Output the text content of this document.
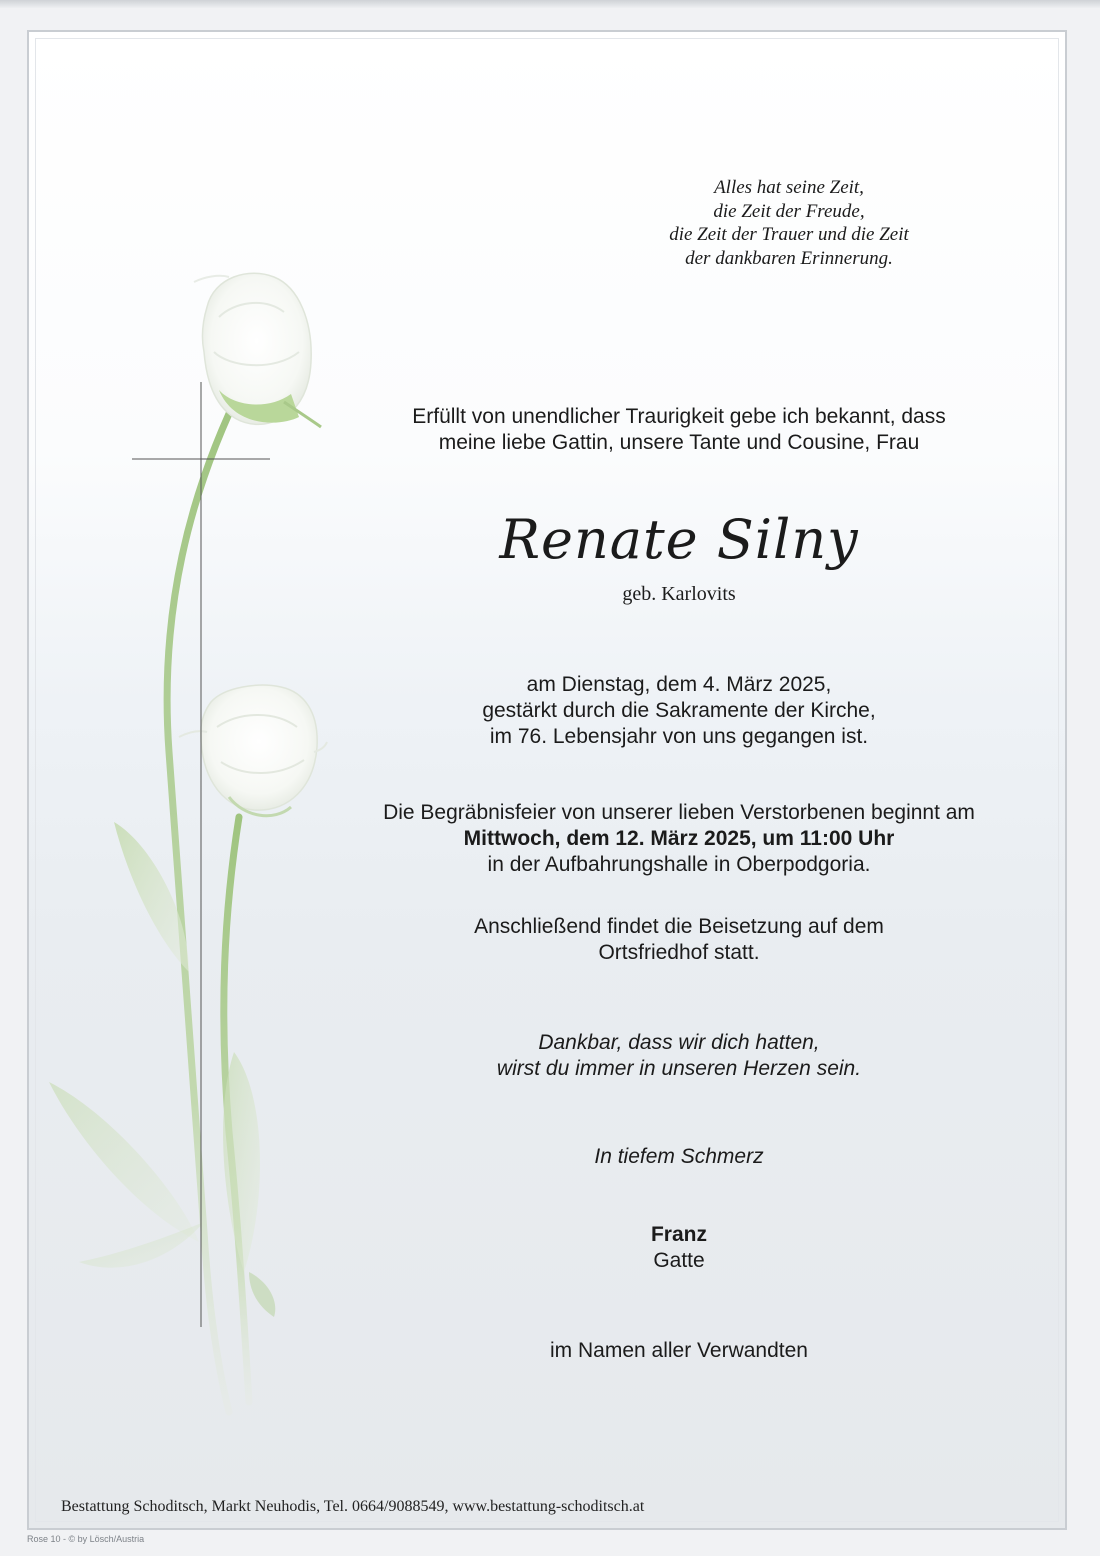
Alles hat seine Zeit,
die Zeit der Freude,
die Zeit der Trauer und die Zeit
der dankbaren Erinnerung.
Erfüllt von unendlicher Traurigkeit gebe ich bekannt, dass
meine liebe Gattin, unsere Tante und Cousine, Frau
Renate Silny
geb. Karlovits
am Dienstag, dem 4. März 2025,
gestärkt durch die Sakramente der Kirche,
im 76. Lebensjahr von uns gegangen ist.
Die Begräbnisfeier von unserer lieben Verstorbenen beginnt am
Mittwoch, dem 12. März 2025, um 11:00 Uhr
in der Aufbahrungshalle in Oberpodgoria.
Anschließend findet die Beisetzung auf dem
Ortsfriedhof statt.
Dankbar, dass wir dich hatten,
wirst du immer in unseren Herzen sein.
In tiefem Schmerz
Franz
Gatte
im Namen aller Verwandten
Bestattung Schoditsch, Markt Neuhodis, Tel. 0664/9088549, www.bestattung-schoditsch.at
Rose 10 - © by Lösch/Austria
